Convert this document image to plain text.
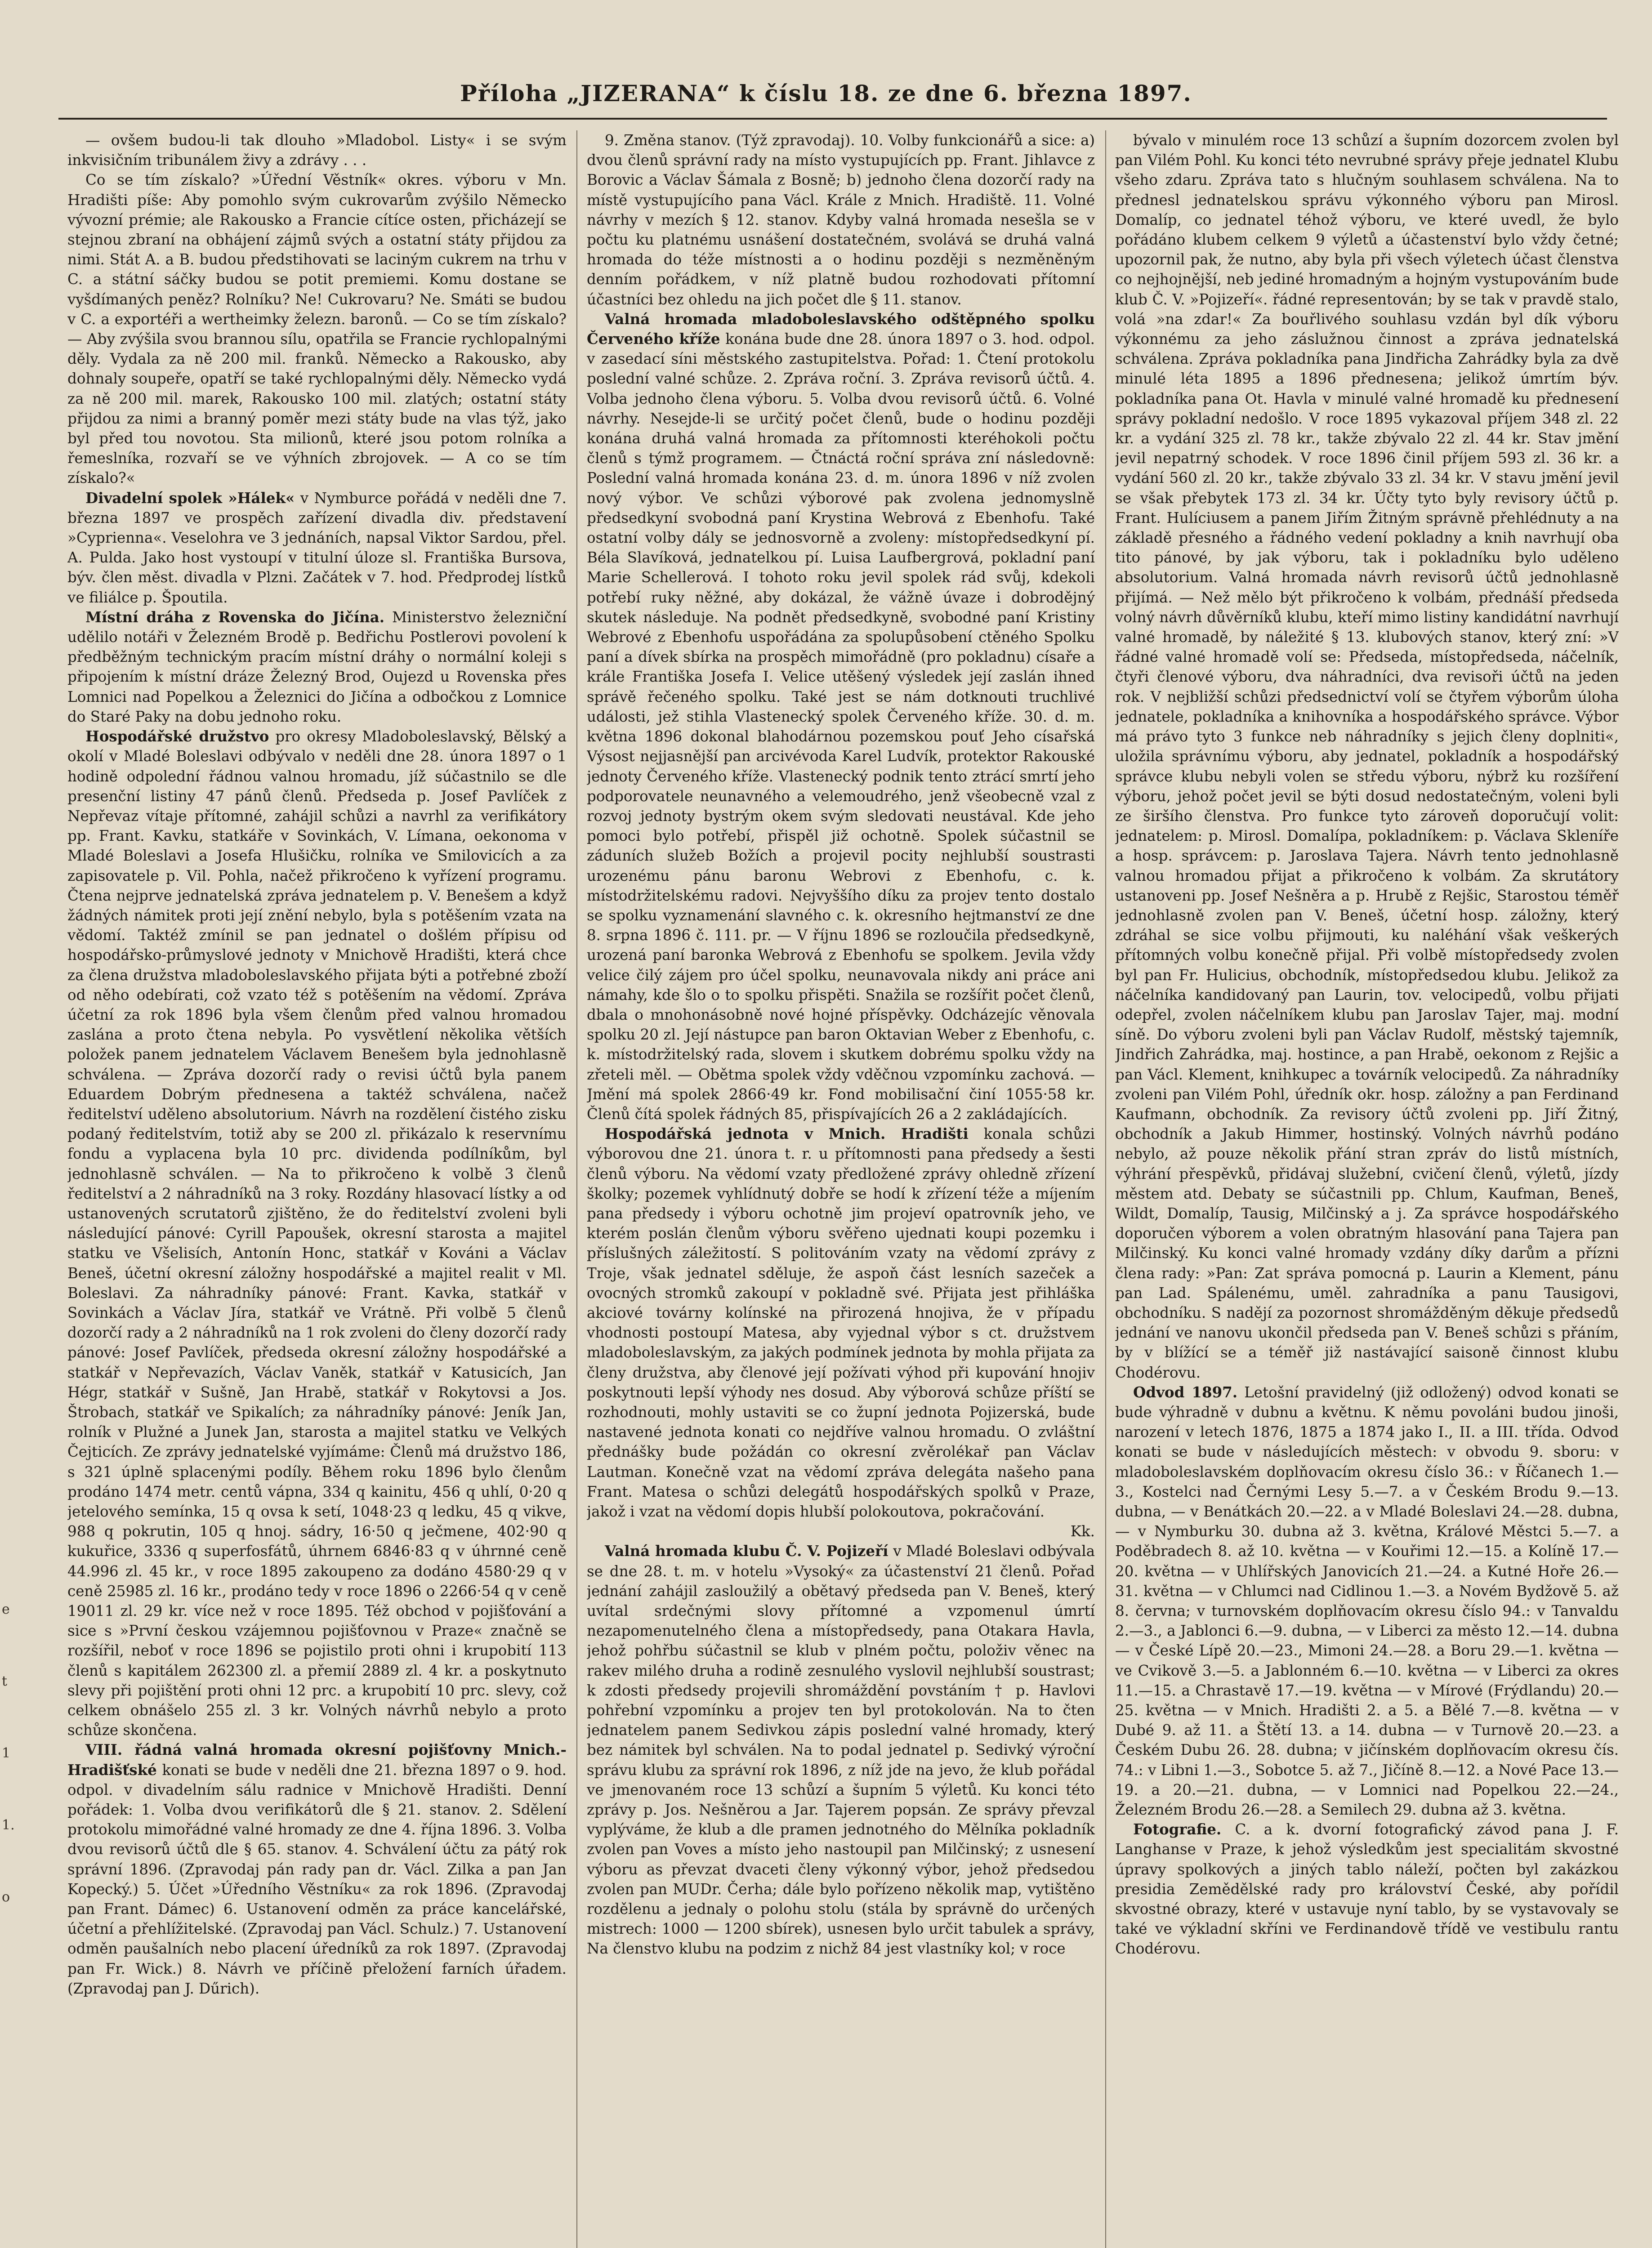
Příloha „JIZERANA“ k číslu 18. ze dne 6. března 1897.

— ovšem budou-li tak dlouho »Mladobol. Listy« i se svým inkvisičním tribunálem živy a zdrávy . . .

Co se tím získalo? »Úřední Věstník« okres. výboru v Mn. Hradišti píše: Aby pomohlo svým cukrovarům zvýšilo Německo vývozní prémie; ale Rakousko a Francie cítíce osten, přicházejí se stejnou zbraní na obhájení zájmů svých a ostatní státy přijdou za nimi. Stát A. a B. budou předstihovati se laciným cukrem na trhu v C. a státní sáčky budou se potit premiemi. Komu dostane se vyšdímaných peněz? Rolníku? Ne! Cukrovaru? Ne. Smáti se budou v C. a exportéři a wertheimky železn. baronů. — Co se tím získalo? — Aby zvýšila svou brannou sílu, opatřila se Francie rychlopalnými děly. Vydala za ně 200 mil. franků. Německo a Rakousko, aby dohnaly soupeře, opatří se také rychlopalnými děly. Německo vydá za ně 200 mil. marek, Rakousko 100 mil. zlatých; ostatní státy přijdou za nimi a branný poměr mezi státy bude na vlas týž, jako byl před tou novotou. Sta milionů, které jsou potom rolníka a řemeslníka, rozvaří se ve výhních zbrojovek. — A co se tím získalo?«

Divadelní spolek »Hálek« v Nymburce pořádá v neděli dne 7. března 1897 ve prospěch zařízení divadla div. představení »Cyprienna«. Veselohra ve 3 jednáních, napsal Viktor Sardou, přel. A. Pulda. Jako host vystoupí v titulní úloze sl. Františka Bursova, býv. člen měst. divadla v Plzni. Začátek v 7. hod. Předprodej lístků ve filiálce p. Špoutila.

Místní dráha z Rovenska do Jičína. Ministerstvo železniční udělilo notáři v Železném Brodě p. Bedřichu Postlerovi povolení k předběžným technickým pracím místní dráhy o normální koleji s připojením k místní dráze Železný Brod, Oujezd u Rovenska přes Lomnici nad Popelkou a Železnici do Jičína a odbočkou z Lomnice do Staré Paky na dobu jednoho roku.

Hospodářské družstvo pro okresy Mladoboleslavský, Bělský a okolí v Mladé Boleslavi odbývalo v neděli dne 28. února 1897 o 1 hodině odpolední řádnou valnou hromadu, jíž súčastnilo se dle presenční listiny 47 pánů členů. Předseda p. Josef Pavlíček z Nepřevaz vítaje přítomné, zahájil schůzi a navrhl za verifikátory pp. Frant. Kavku, statkáře v Sovinkách, V. Límana, oekonoma v Mladé Boleslavi a Josefa Hlušičku, rolníka ve Smilovicích a za zapisovatele p. Vil. Pohla, načež přikročeno k vyřízení programu. Čtena nejprve jednatelská zpráva jednatelem p. V. Benešem a když žádných námitek proti její znění nebylo, byla s potěšením vzata na vědomí. Taktéž zmínil se pan jednatel o došlém přípisu od hospodářsko-průmyslové jednoty v Mnichově Hradišti, která chce za člena družstva mladoboleslavského přijata býti a potřebné zboží od něho odebírati, což vzato též s potěšením na vědomí. Zpráva účetní za rok 1896 byla všem členům před valnou hromadou zaslána a proto čtena nebyla. Po vysvětlení několika větších položek panem jednatelem Václavem Benešem byla jednohlasně schválena. — Zpráva dozorčí rady o revisi účtů byla panem Eduardem Dobrým přednesena a taktéž schválena, načež ředitelství uděleno absolutorium. Návrh na rozdělení čistého zisku podaný ředitelstvím, totiž aby se 200 zl. přikázalo k reservnímu fondu a vyplacena byla 10 prc. dividenda podílníkům, byl jednohlasně schválen. — Na to přikročeno k volbě 3 členů ředitelství a 2 náhradníků na 3 roky. Rozdány hlasovací lístky a od ustanovených scrutatorů zjištěno, že do ředitelství zvoleni byli následující pánové: Cyrill Papoušek, okresní starosta a majitel statku ve Všelisích, Antonín Honc, statkář v Kováni a Václav Beneš, účetní okresní záložny hospodářské a majitel realit v Ml. Boleslavi. Za náhradníky pánové: Frant. Kavka, statkář v Sovinkách a Václav Jíra, statkář ve Vrátně. Při volbě 5 členů dozorčí rady a 2 náhradníků na 1 rok zvoleni do členy dozorčí rady pánové: Josef Pavlíček, předseda okresní záložny hospodářské a statkář v Nepřevazích, Václav Vaněk, statkář v Katusicích, Jan Hégr, statkář v Sušně, Jan Hrabě, statkář v Rokytovsi a Jos. Štrobach, statkář ve Spikalích; za náhradníky pánové: Jeník Jan, rolník v Plužné a Junek Jan, starosta a majitel statku ve Velkých Čejticích. Ze zprávy jednatelské vyjímáme: Členů má družstvo 186, s 321 úplně splacenými podíly. Během roku 1896 bylo členům prodáno 1474 metr. centů vápna, 334 q kainitu, 456 q uhlí, 0·20 q jetelového semínka, 15 q ovsa k setí, 1048·23 q ledku, 45 q vikve, 988 q pokrutin, 105 q hnoj. sádry, 16·50 q ječmene, 402·90 q kukuřice, 3336 q superfosfátů, úhrnem 6846·83 q v úhrnné ceně 44.996 zl. 45 kr., v roce 1895 zakoupeno za dodáno 4580·29 q v ceně 25985 zl. 16 kr., prodáno tedy v roce 1896 o 2266·54 q v ceně 19011 zl. 29 kr. více než v roce 1895. Též obchod v pojišťování a sice s »První českou vzájemnou pojišťovnou v Praze« značně se rozšířil, neboť v roce 1896 se pojistilo proti ohni i krupobití 113 členů s kapitálem 262300 zl. a přemií 2889 zl. 4 kr. a poskytnuto slevy při pojištění proti ohni 12 prc. a krupobití 10 prc. slevy, což celkem obnášelo 255 zl. 3 kr. Volných návrhů nebylo a proto schůze skončena.

VIII. řádná valná hromada okresní pojišťovny Mnich.-Hradišťské konati se bude v neděli dne 21. března 1897 o 9. hod. odpol. v divadelním sálu radnice v Mnichově Hradišti. Denní pořádek: 1. Volba dvou verifikátorů dle § 21. stanov. 2. Sdělení protokolu mimořádné valné hromady ze dne 4. října 1896. 3. Volba dvou revisorů účtů dle § 65. stanov. 4. Schválení účtu za pátý rok správní 1896. (Zpravodaj pán rady pan dr. Václ. Zilka a pan Jan Kopecký.) 5. Účet »Úředního Věstníku« za rok 1896. (Zpravodaj pan Frant. Dámec) 6. Ustanovení odměn za práce kancelářské, účetní a přehlížitelské. (Zpravodaj pan Václ. Schulz.) 7. Ustanovení odměn paušalních nebo placení úředníků za rok 1897. (Zpravodaj pan Fr. Wick.) 8. Návrh ve příčině přeložení farních úřadem. (Zpravodaj pan J. Dűrich).

9. Změna stanov. (Týž zpravodaj). 10. Volby funkcionářů a sice: a) dvou členů správní rady na místo vystupujících pp. Frant. Jihlavce z Borovic a Václav Šámala z Bosně; b) jednoho člena dozorčí rady na místě vystupujícího pana Václ. Krále z Mnich. Hradiště. 11. Volné návrhy v mezích § 12. stanov. Kdyby valná hromada nesešla se v počtu ku platnému usnášení dostatečném, svolává se druhá valná hromada do téže místnosti a o hodinu později s nezměněným denním pořádkem, v níž platně budou rozhodovati přítomní účastníci bez ohledu na jich počet dle § 11. stanov.

Valná hromada mladoboleslavského odštěpného spolku Červeného kříže konána bude dne 28. února 1897 o 3. hod. odpol. v zasedací síni městského zastupitelstva. Pořad: 1. Čtení protokolu poslední valné schůze. 2. Zpráva roční. 3. Zpráva revisorů účtů. 4. Volba jednoho člena výboru. 5. Volba dvou revisorů účtů. 6. Volné návrhy. Nesejde-li se určitý počet členů, bude o hodinu později konána druhá valná hromada za přítomnosti kteréhokoli počtu členů s týmž programem. — Čtnáctá roční správa zní následovně: Poslední valná hromada konána 23. d. m. února 1896 v níž zvolen nový výbor. Ve schůzi výborové pak zvolena jednomyslně předsedkyní svobodná paní Krystina Webrová z Ebenhofu. Také ostatní volby dály se jednosvorně a zvoleny: místopředsedkyní pí. Béla Slavíková, jednatelkou pí. Luisa Laufbergrová, pokladní paní Marie Schellerová. I tohoto roku jevil spolek rád svůj, kdekoli potřebí ruky něžné, aby dokázal, že vážně úvaze i dobrodějný skutek následuje. Na podnět předsedkyně, svobodné paní Kristiny Webrové z Ebenhofu uspořádána za spolupůsobení ctěného Spolku paní a dívek sbírka na prospěch mimořádně (pro pokladnu) císaře a krále Františka Josefa I. Velice utěšený výsledek její zaslán ihned správě řečeného spolku. Také jest se nám dotknouti truchlivé události, jež stihla Vlastenecký spolek Červeného kříže. 30. d. m. května 1896 dokonal blahodárnou pozemskou pouť Jeho císařská Výsost nejjasnější pan arcivévoda Karel Ludvík, protektor Rakouské jednoty Červeného kříže. Vlastenecký podnik tento ztrácí smrtí jeho podporovatele neunavného a velemoudrého, jenž všeobecně vzal z rozvoj jednoty bystrým okem svým sledovati neustával. Kde jeho pomoci bylo potřebí, přispěl již ochotně. Spolek súčastnil se záduních služeb Božích a projevil pocity nejhlubší soustrasti urozenému pánu baronu Webrovi z Ebenhofu, c. k. místodržitelskému radovi. Nejvyššího díku za projev tento dostalo se spolku vyznamenání slavného c. k. okresního hejtmanství ze dne 8. srpna 1896 č. 111. pr. — V říjnu 1896 se rozloučila předsedkyně, urozená paní baronka Webrová z Ebenhofu se spolkem. Jevila vždy velice čilý zájem pro účel spolku, neunavovala nikdy ani práce ani námahy, kde šlo o to spolku přispěti. Snažila se rozšířit počet členů, dbala o mnohonásobně nové hojné příspěvky. Odcházejíc věnovala spolku 20 zl. Její nástupce pan baron Oktavian Weber z Ebenhofu, c. k. místodržitelský rada, slovem i skutkem dobrému spolku vždy na zřeteli měl. — Obětma spolek vždy vděčnou vzpomínku zachová. — Jmění má spolek 2866·49 kr. Fond mobilisační činí 1055·58 kr. Členů čítá spolek řádných 85, přispívajících 26 a 2 zakládajících.

Hospodářská jednota v Mnich. Hradišti konala schůzi výborovou dne 21. února t. r. u přítomnosti pana předsedy a šesti členů výboru. Na vědomí vzaty předložené zprávy ohledně zřízení školky; pozemek vyhlídnutý dobře se hodí k zřízení téže a míjením pana předsedy i výboru ochotně jim projeví opatrovník jeho, ve kterém poslán členům výboru svěřeno ujednati koupi pozemku i příslušných záležitostí. S politováním vzaty na vědomí zprávy z Troje, však jednatel sděluje, že aspoň část lesních sazeček a ovocných stromků zakoupí v pokladně své. Přijata jest přihláška akciové továrny kolínské na přirozená hnojiva, že v případu vhodnosti postoupí Matesa, aby vyjednal výbor s ct. družstvem mladoboleslavským, za jakých podmínek jednota by mohla přijata za členy družstva, aby členové její požívati výhod při kupování hnojiv poskytnouti lepší výhody nes dosud. Aby výborová schůze příští se rozhodnouti, mohly ustaviti se co župní jednota Pojizerská, bude nastavené jednota konati co nejdříve valnou hromadu. O zvláštní přednášky bude požádán co okresní zvěrolékař pan Václav Lautman. Konečně vzat na vědomí zpráva delegáta našeho pana Frant. Matesa o schůzi delegátů hospodářských spolků v Praze, jakož i vzat na vědomí dopis hlubší polokoutova, pokračování.

Kk.

Valná hromada klubu Č. V. Pojizeří v Mladé Boleslavi odbývala se dne 28. t. m. v hotelu »Vysoký« za účastenství 21 členů. Pořad jednání zahájil zasloužilý a obětavý předseda pan V. Beneš, který uvítal srdečnými slovy přítomné a vzpomenul úmrtí nezapomenutelného člena a místopředsedy, pana Otakara Havla, jehož pohřbu súčastnil se klub v plném počtu, položiv věnec na rakev milého druha a rodině zesnulého vyslovil nejhlubší soustrast; k zdosti předsedy projevili shromáždění povstáním † p. Havlovi pohřební vzpomínku a projev ten byl protokolován. Na to čten jednatelem panem Sedivkou zápis poslední valné hromady, který bez námitek byl schválen. Na to podal jednatel p. Sedivký výroční správu klubu za správní rok 1896, z níž jde na jevo, že klub pořádal ve jmenovaném roce 13 schůzí a šupním 5 výletů. Ku konci této zprávy p. Jos. Nešněrou a Jar. Tajerem popsán. Ze správy převzal vyplýváme, že klub a dle pramen jednotného do Mělníka pokladník zvolen pan Voves a místo jeho nastoupil pan Milčinský; z usnesení výboru as převzat dvaceti členy výkonný výbor, jehož předsedou zvolen pan MUDr. Čerha; dále bylo pořízeno několik map, vytištěno rozdělenu a jednaly o polohu stolu (stála by správně do určených mistrech: 1000 — 1200 sbírek), usnesen bylo určit tabulek a správy, Na členstvo klubu na podzim z nichž 84 jest vlastníky kol; v roce

bývalo v minulém roce 13 schůzí a šupním dozorcem zvolen byl pan Vilém Pohl. Ku konci této nevrubné správy přeje jednatel Klubu všeho zdaru. Zpráva tato s hlučným souhlasem schválena. Na to přednesl jednatelskou správu výkonného výboru pan Mirosl. Domalíp, co jednatel téhož výboru, ve které uvedl, že bylo pořádáno klubem celkem 9 výletů a účastenství bylo vždy četné; upozornil pak, že nutno, aby byla při všech výletech účast členstva co nejhojnější, neb jediné hromadným a hojným vystupováním bude klub Č. V. »Pojizeří«. řádné representován; by se tak v pravdě stalo, volá »na zdar!« Za bouřlivého souhlasu vzdán byl dík výboru výkonnému za jeho záslužnou činnost a zpráva jednatelská schválena. Zpráva pokladníka pana Jindřicha Zahrádky byla za dvě minulé léta 1895 a 1896 přednesena; jelikož úmrtím býv. pokladníka pana Ot. Havla v minulé valné hromadě ku přednesení správy pokladní nedošlo. V roce 1895 vykazoval příjem 348 zl. 22 kr. a vydání 325 zl. 78 kr., takže zbývalo 22 zl. 44 kr. Stav jmění jevil nepatrný schodek. V roce 1896 činil příjem 593 zl. 36 kr. a vydání 560 zl. 20 kr., takže zbývalo 33 zl. 34 kr. V stavu jmění jevil se však přebytek 173 zl. 34 kr. Účty tyto byly revisory účtů p. Frant. Hulíciusem a panem Jiřím Žitným správně přehlédnuty a na základě přesného a řádného vedení pokladny a knih navrhují oba tito pánové, by jak výboru, tak i pokladníku bylo uděleno absolutorium. Valná hromada návrh revisorů účtů jednohlasně přijímá. — Než mělo být přikročeno k volbám, přednáší předseda volný návrh důvěrníků klubu, kteří mimo listiny kandidátní navrhují valné hromadě, by náležité § 13. klubových stanov, který zní: »V řádné valné hromadě volí se: Předseda, místopředseda, náčelník, čtyři členové výboru, dva náhradníci, dva revisoři účtů na jeden rok. V nejbližší schůzi předsednictví volí se čtyřem výborům úloha jednatele, pokladníka a knihovníka a hospodářského správce. Výbor má právo tyto 3 funkce neb náhradníky s jejich členy doplniti«, uložila správnímu výboru, aby jednatel, pokladník a hospodářský správce klubu nebyli volen se středu výboru, nýbrž ku rozšíření výboru, jehož počet jevil se býti dosud nedostatečným, voleni byli ze širšího členstva. Pro funkce tyto zároveň doporučují volit: jednatelem: p. Mirosl. Domalípa, pokladníkem: p. Václava Skleníře a hosp. správcem: p. Jaroslava Tajera. Návrh tento jednohlasně valnou hromadou přijat a přikročeno k volbám. Za skrutátory ustanoveni pp. Josef Nešněra a p. Hrubě z Rejšic, Starostou téměř jednohlasně zvolen pan V. Beneš, účetní hosp. záložny, který zdráhal se sice volbu přijmouti, ku naléhání však veškerých přítomných volbu konečně přijal. Při volbě místopředsedy zvolen byl pan Fr. Hulicius, obchodník, místopředsedou klubu. Jelikož za náčelníka kandidovaný pan Laurin, tov. velocipedů, volbu přijati odepřel, zvolen náčelníkem klubu pan Jaroslav Tajer, maj. modní síně. Do výboru zvoleni byli pan Václav Rudolf, městský tajemník, Jindřich Zahrádka, maj. hostince, a pan Hrabě, oekonom z Rejšic a pan Václ. Klement, knihkupec a továrník velocipedů. Za náhradníky zvoleni pan Vilém Pohl, úředník okr. hosp. záložny a pan Ferdinand Kaufmann, obchodník. Za revisory účtů zvoleni pp. Jiří Žitný, obchodník a Jakub Himmer, hostinský. Volných návrhů podáno nebylo, až pouze několik přání stran zpráv do listů místních, výhrání přespěvků, přidávaj služební, cvičení členů, výletů, jízdy městem atd. Debaty se súčastnili pp. Chlum, Kaufman, Beneš, Wildt, Domalíp, Tausig, Milčinský a j. Za správce hospodářského doporučen výborem a volen obratným hlasování pana Tajera pan Milčinský. Ku konci valné hromady vzdány díky darům a přízni člena rady: »Pan: Zat správa pomocná p. Laurin a Klement, pánu pan Lad. Spálenému, uměl. zahradníka a panu Tausigovi, obchodníku. S nadějí za pozornost shromážděným děkuje předsedů jednání ve nanovu ukončil předseda pan V. Beneš schůzi s přáním, by v blížící se a téměř již nastávající saisoně činnost klubu Chodérovu.

Odvod 1897. Letošní pravidelný (již odložený) odvod konati se bude výhradně v dubnu a květnu. K němu povoláni budou jinoši, narození v letech 1876, 1875 a 1874 jako I., II. a III. třída. Odvod konati se bude v následujících městech: v obvodu 9. sboru: v mladoboleslavském doplňovacím okresu číslo 36.: v Říčanech 1.—3., Kostelci nad Černými Lesy 5.—7. a v Českém Brodu 9.—13. dubna, — v Benátkách 20.—22. a v Mladé Boleslavi 24.—28. dubna, — v Nymburku 30. dubna až 3. května, Králové Městci 5.—7. a Poděbradech 8. až 10. května — v Kouřimi 12.—15. a Kolíně 17.—20. května — v Uhlířských Janovicích 21.—24. a Kutné Hoře 26.—31. května — v Chlumci nad Cidlinou 1.—3. a Novém Bydžově 5. až 8. června; v turnovském doplňovacím okresu číslo 94.: v Tanvaldu 2.—3., a Jablonci 6.—9. dubna, — v Liberci za město 12.—14. dubna — v České Lípě 20.—23., Mimoni 24.—28. a Boru 29.—1. května — ve Cvikově 3.—5. a Jablonném 6.—10. května — v Liberci za okres 11.—15. a Chrastavě 17.—19. května — v Mírové (Frýdlandu) 20.—25. května — v Mnich. Hradišti 2. a 5. a Bělé 7.—8. května — v Dubé 9. až 11. a Štětí 13. a 14. dubna — v Turnově 20.—23. a Českém Dubu 26. 28. dubna; v jičínském doplňovacím okresu čís. 74.: v Libni 1.—3., Sobotce 5. až 7., Jičíně 8.—12. a Nové Pace 13.—19. a 20.—21. dubna, — v Lomnici nad Popelkou 22.—24., Železném Brodu 26.—28. a Semilech 29. dubna až 3. května.

Fotografie. C. a k. dvorní fotografický závod pana J. F. Langhanse v Praze, k jehož výsledkům jest specialitám skvostné úpravy spolkových a jiných tablo náleží, počten byl zakázkou presidia Zemědělské rady pro království České, aby pořídil skvostné obrazy, které v ustavuje nyní tablo, by se vystavovaly se také ve výkladní skříni ve Ferdinandově třídě ve vestibulu rantu Chodérovu.

e
t
1
1.
o
